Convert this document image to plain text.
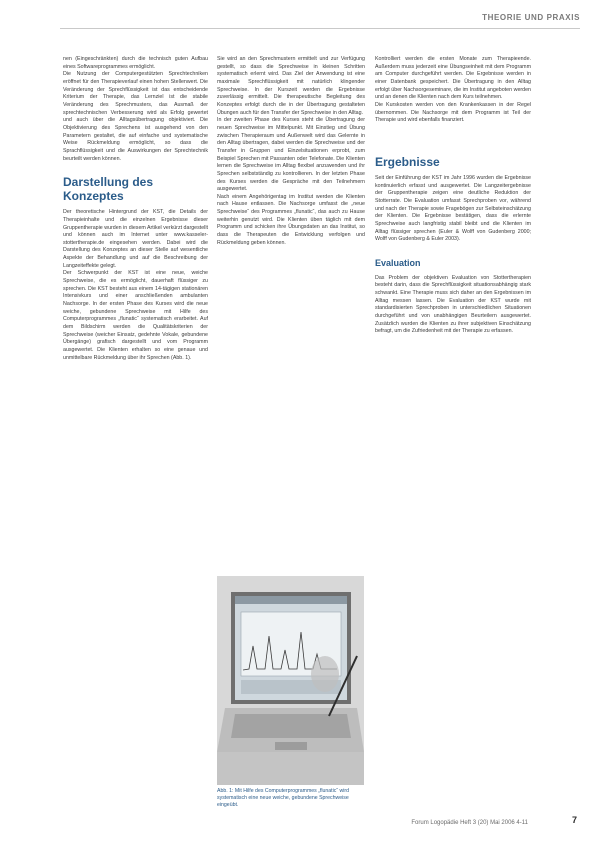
THEORIE UND PRAXIS

nen (Eingeschränkten) durch die technisch guten Aufbau eines Softwareprogrammes ermöglicht.

Die Nutzung der Computergestützten Sprechtechniken eröffnet für den Therapieverlauf einen hohen Stellenwert. Die Veränderung der Sprechflüssigkeit ist das entscheidende Kriterium der Therapie, das Lernziel ist die stabile Veränderung des Sprechmusters, das Ausmaß der sprechtechnischen Verbesserung wird als Erfolg gewertet und auch über die Alltagsübertragung objektiviert. Die Objektivierung des Sprechens ist ausgehend von den Parametern gestaltet, die auf einfache und systematische Weise Rückmeldung ermöglicht, so dass die Sprachflüssigkeit und die Auswirkungen der Sprechtechnik beurteilt werden können.

Darstellung des Konzeptes

Der theoretische Hintergrund der KST, die Details der Therapieinhalte und die einzelnen Ergebnisse dieser Gruppentherapie wurden in diesem Artikel verkürzt dargestellt und können auch im Internet unter www.kasseler-stottertherapie.de eingesehen werden. Dabei wird die Darstellung des Konzeptes an dieser Stelle auf wesentliche Aspekte der Behandlung und auf die Beschreibung der Langzeiteffekte gelegt.

Der Schwerpunkt der KST ist eine neue, weiche Sprechweise, die es ermöglicht, dauerhaft flüssiger zu sprechen. Die KST besteht aus einem 14-tägigen stationären Intensivkurs und einer anschließenden ambulanten Nachsorge. In der ersten Phase des Kurses wird die neue weiche, gebundene Sprechweise mit Hilfe des Computerprogrammes „flunatic“ systematisch erarbeitet. Auf dem Bildschirm werden die Qualitätskriterien der Sprechweise (weicher Einsatz, gedehnte Vokale, gebundene Übergänge) grafisch dargestellt und vom Programm ausgewertet. Die Klienten erhalten so eine genaue und unmittelbare Rückmeldung über ihr Sprechen (Abb. 1).

Sie wird an den Sprechmustern ermittelt und zur Verfügung gestellt, so dass die Sprechweise in kleinen Schritten systematisch erlernt wird. Das Ziel der Anwendung ist eine maximale Sprechflüssigkeit mit natürlich klingender Sprechweise. In der Kurszeit werden die Ergebnisse zuverlässig ermittelt. Die therapeutische Begleitung des Konzeptes erfolgt durch die in der Übertragung gestalteten Übungen auch für den Transfer der Sprechweise in den Alltag.

In der zweiten Phase des Kurses steht die Übertragung der neuen Sprechweise im Mittelpunkt. Mit Einstieg und Übung zwischen Therapieraum und Außenwelt wird das Gelernte in den Alltag übertragen, dabei werden die Sprechweise und der Transfer in Gruppen und Einzelsituationen erprobt, zum Beispiel Sprechen mit Passanten oder Telefonate. Die Klienten lernen die Sprechweise im Alltag flexibel anzuwenden und ihr Sprechen selbstständig zu kontrollieren. In der letzten Phase des Kurses werden die Gespräche mit den Teilnehmern ausgewertet.

Nach einem Angehörigentag im Institut werden die Klienten nach Hause entlassen. Die Nachsorge umfasst die „neue Sprechweise“ des Programmes „flunatic“, das auch zu Hause weiterhin genutzt wird. Die Klienten üben täglich mit dem Programm und schicken ihre Übungsdaten an das Institut, so dass die Therapeuten die Entwicklung verfolgen und Rückmeldung geben können.

Abb. 1: Mit Hilfe des Computerprogrammes „flunatic“ wird systematisch eine neue weiche, gebundene Sprechweise eingeübt.

Kontrolliert werden die ersten Monate zum Therapieende. Außerdem muss jederzeit eine Übungseinheit mit dem Programm am Computer durchgeführt werden. Die Ergebnisse werden in einer Datenbank gespeichert. Die Übertragung in den Alltag erfolgt über Nachsorgeseminare, die im Institut angeboten werden und an denen die Klienten nach dem Kurs teilnehmen.

Die Kurskosten werden von den Krankenkassen in der Regel übernommen. Die Nachsorge mit dem Programm ist Teil der Therapie und wird ebenfalls finanziert.

Ergebnisse

Seit der Einführung der KST im Jahr 1996 wurden die Ergebnisse kontinuierlich erfasst und ausgewertet. Die Langzeitergebnisse der Gruppentherapie zeigen eine deutliche Reduktion der Stotterrate. Die Evaluation umfasst Sprechproben vor, während und nach der Therapie sowie Fragebögen zur Selbsteinschätzung der Klienten. Die Ergebnisse bestätigen, dass die erlernte Sprechweise auch langfristig stabil bleibt und die Klienten im Alltag flüssiger sprechen (Euler & Wolff von Gudenberg 2000; Wolff von Gudenberg & Euler 2003).

Evaluation

Das Problem der objektiven Evaluation von Stottertherapien besteht darin, dass die Sprechflüssigkeit situationsabhängig stark schwankt. Eine Therapie muss sich daher an den Ergebnissen im Alltag messen lassen. Die Evaluation der KST wurde mit standardisierten Sprechproben in unterschiedlichen Situationen durchgeführt und von unabhängigen Beurteilern ausgewertet. Zusätzlich wurden die Klienten zu ihrer subjektiven Einschätzung befragt, um die Zufriedenheit mit der Therapie zu erfassen.

Forum Logopädie Heft 3 (20) Mai 2006 4-11	7
